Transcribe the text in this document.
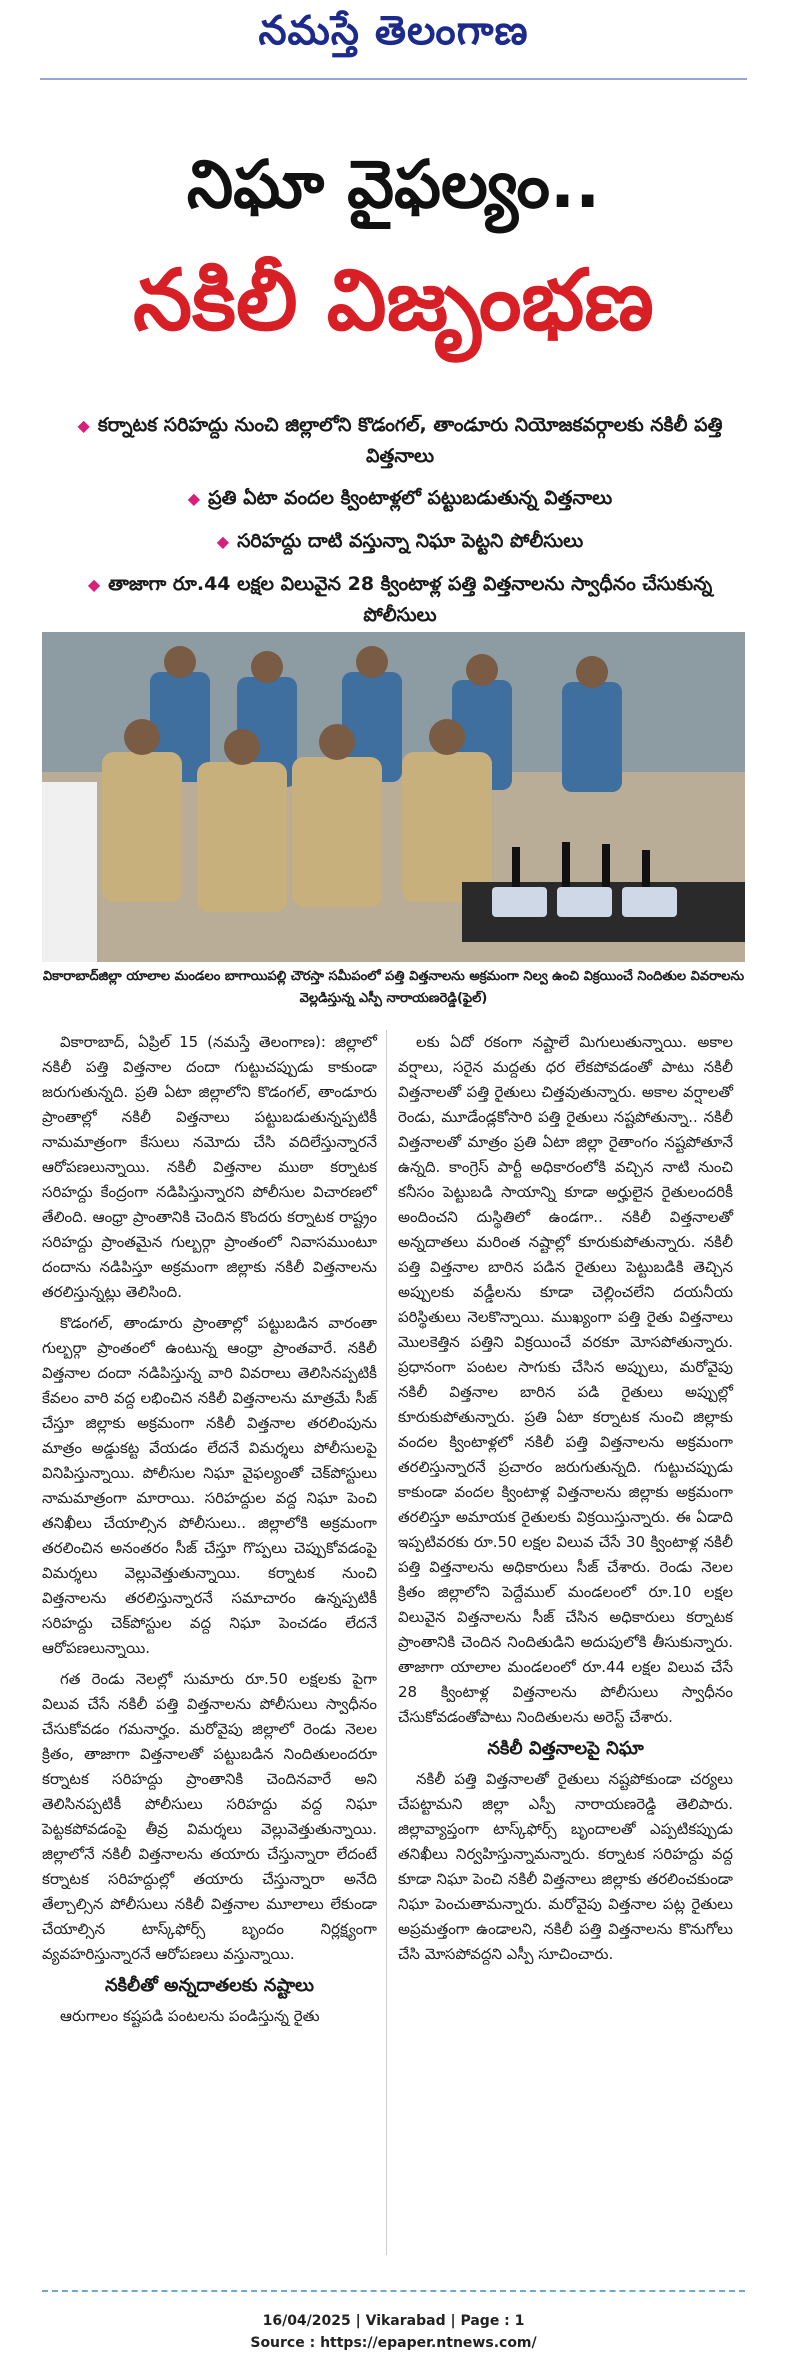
నమస్తే తెలంగాణ
నిఘా వైఫల్యం..
నకిలీ విజృంభణ
◆ కర్నాటక సరిహద్దు నుంచి జిల్లాలోని కొడంగల్, తాండూరు నియోజకవర్గాలకు నకిలీ పత్తి విత్తనాలు
◆ ప్రతి ఏటా వందల క్వింటాళ్లలో పట్టుబడుతున్న విత్తనాలు
◆ సరిహద్దు దాటి వస్తున్నా నిఘా పెట్టని పోలీసులు
◆ తాజాగా రూ.44 లక్షల విలువైన 28 క్వింటాళ్ల పత్తి విత్తనాలను స్వాధీనం చేసుకున్న పోలీసులు
వికారాబాద్‌జిల్లా యాలాల మండలం బాగాయిపల్లి చౌరస్తా సమీపంలో పత్తి విత్తనాలను అక్రమంగా నిల్వ ఉంచి విక్రయించే నిందితుల వివరాలను వెల్లడిస్తున్న ఎస్పీ నారాయణరెడ్డి(ఫైల్)

వికారాబాద్, ఏప్రిల్ 15 (నమస్తే తెలంగాణ): జిల్లాలో నకిలీ పత్తి విత్తనాల దందా గుట్టుచప్పుడు కాకుండా జరుగుతున్నది. ప్రతి ఏటా జిల్లాలోని కొడంగల్, తాండూరు ప్రాంతాల్లో నకిలీ విత్తనాలు పట్టుబడుతున్నప్పటికీ నామమాత్రంగా కేసులు నమోదు చేసి వదిలేస్తున్నారనే ఆరోపణలున్నాయి. నకిలీ విత్తనాల ముఠా కర్నాటక సరిహద్దు కేంద్రంగా నడిపిస్తున్నారని పోలీసుల విచారణలో తేలింది. ఆంధ్రా ప్రాంతానికి చెందిన కొందరు కర్నాటక రాష్ట్రం సరిహద్దు ప్రాంతమైన గుల్బర్గా ప్రాంతంలో నివాసముంటూ దందాను నడిపిస్తూ అక్రమంగా జిల్లాకు నకిలీ విత్తనాలను తరలిస్తున్నట్లు తెలిసింది.

కొడంగల్, తాండూరు ప్రాంతాల్లో పట్టుబడిన వారంతా గుల్బర్గా ప్రాంతంలో ఉంటున్న ఆంధ్రా ప్రాంతవారే. నకిలీ విత్తనాల దందా నడిపిస్తున్న వారి వివరాలు తెలిసినప్పటికీ కేవలం వారి వద్ద లభించిన నకిలీ విత్తనాలను మాత్రమే సీజ్ చేస్తూ జిల్లాకు అక్రమంగా నకిలీ విత్తనాల తరలింపును మాత్రం అడ్డుకట్ట వేయడం లేదనే విమర్శలు పోలీసులపై వినిపిస్తున్నాయి. పోలీసుల నిఘా వైఫల్యంతో చెక్‌పోస్టులు నామమాత్రంగా మారాయి. సరిహద్దుల వద్ద నిఘా పెంచి తనిఖీలు చేయాల్సిన పోలీసులు.. జిల్లాలోకి అక్రమంగా తరలించిన అనంతరం సీజ్ చేస్తూ గొప్పలు చెప్పుకోవడంపై విమర్శలు వెల్లువెత్తుతున్నాయి. కర్నాటక నుంచి విత్తనాలను తరలిస్తున్నారనే సమాచారం ఉన్నప్పటికీ సరిహద్దు చెక్‌పోస్టుల వద్ద నిఘా పెంచడం లేదనే ఆరోపణలున్నాయి.

గత రెండు నెలల్లో సుమారు రూ.50 లక్షలకు పైగా విలువ చేసే నకిలీ పత్తి విత్తనాలను పోలీసులు స్వాధీనం చేసుకోవడం గమనార్హం. మరోవైపు జిల్లాలో రెండు నెలల క్రితం, తాజాగా విత్తనాలతో పట్టుబడిన నిందితులందరూ కర్నాటక సరిహద్దు ప్రాంతానికి చెందినవారే అని తెలిసినప్పటికీ పోలీసులు సరిహద్దు వద్ద నిఘా పెట్టకపోవడంపై తీవ్ర విమర్శలు వెల్లువెత్తుతున్నాయి. జిల్లాలోనే నకిలీ విత్తనాలను తయారు చేస్తున్నారా లేదంటే కర్నాటక సరిహద్దుల్లో తయారు చేస్తున్నారా అనేది తేల్చాల్సిన పోలీసులు నకిలీ విత్తనాల మూలాలు లేకుండా చేయాల్సిన టాస్క్‌ఫోర్స్ బృందం నిర్లక్ష్యంగా వ్యవహరిస్తున్నారనే ఆరోపణలు వస్తున్నాయి.

నకిలీతో అన్నదాతలకు నష్టాలు

ఆరుగాలం కష్టపడి పంటలను పండిస్తున్న రైతు

లకు ఏదో రకంగా నష్టాలే మిగులుతున్నాయి. అకాల వర్షాలు, సరైన మద్దతు ధర లేకపోవడంతో పాటు నకిలీ విత్తనాలతో పత్తి రైతులు చిత్తవుతున్నారు. అకాల వర్షాలతో రెండు, మూడేండ్లకోసారి పత్తి రైతులు నష్టపోతున్నా.. నకిలీ విత్తనాలతో మాత్రం ప్రతి ఏటా జిల్లా రైతాంగం నష్టపోతూనే ఉన్నది. కాంగ్రెస్ పార్టీ అధికారంలోకి వచ్చిన నాటి నుంచి కనీసం పెట్టుబడి సాయాన్ని కూడా అర్హులైన రైతులందరికీ అందించని దుస్థితిలో ఉండగా.. నకిలీ విత్తనాలతో అన్నదాతలు మరింత నష్టాల్లో కూరుకుపోతున్నారు. నకిలీ పత్తి విత్తనాల బారిన పడిన రైతులు పెట్టుబడికి తెచ్చిన అప్పులకు వడ్డీలను కూడా చెల్లించలేని దయనీయ పరిస్థితులు నెలకొన్నాయి. ముఖ్యంగా పత్తి రైతు విత్తనాలు మొలకెత్తిన పత్తిని విక్రయించే వరకూ మోసపోతున్నారు. ప్రధానంగా పంటల సాగుకు చేసిన అప్పులు, మరోవైపు నకిలీ విత్తనాల బారిన పడి రైతులు అప్పుల్లో కూరుకుపోతున్నారు. ప్రతి ఏటా కర్నాటక నుంచి జిల్లాకు వందల క్వింటాళ్లలో నకిలీ పత్తి విత్తనాలను అక్రమంగా తరలిస్తున్నారనే ప్రచారం జరుగుతున్నది. గుట్టుచప్పుడు కాకుండా వందల క్వింటాళ్ల విత్తనాలను జిల్లాకు అక్రమంగా తరలిస్తూ అమాయక రైతులకు విక్రయిస్తున్నారు. ఈ ఏడాది ఇప్పటివరకు రూ.50 లక్షల విలువ చేసే 30 క్వింటాళ్ల నకిలీ పత్తి విత్తనాలను అధికారులు సీజ్ చేశారు. రెండు నెలల క్రితం జిల్లాలోని పెద్దేముల్ మండలంలో రూ.10 లక్షల విలువైన విత్తనాలను సీజ్ చేసిన అధికారులు కర్నాటక ప్రాంతానికి చెందిన నిందితుడిని అదుపులోకి తీసుకున్నారు. తాజాగా యాలాల మండలంలో రూ.44 లక్షల విలువ చేసే 28 క్వింటాళ్ల విత్తనాలను పోలీసులు స్వాధీనం చేసుకోవడంతోపాటు నిందితులను అరెస్ట్ చేశారు.

నకిలీ విత్తనాలపై నిఘా

నకిలీ పత్తి విత్తనాలతో రైతులు నష్టపోకుండా చర్యలు చేపట్టామని జిల్లా ఎస్పీ నారాయణరెడ్డి తెలిపారు. జిల్లావ్యాప్తంగా టాస్క్‌ఫోర్స్ బృందాలతో ఎప్పటికప్పుడు తనిఖీలు నిర్వహిస్తున్నామన్నారు. కర్నాటక సరిహద్దు వద్ద కూడా నిఘా పెంచి నకిలీ విత్తనాలు జిల్లాకు తరలించకుండా నిఘా పెంచుతామన్నారు. మరోవైపు విత్తనాల పట్ల రైతులు అప్రమత్తంగా ఉండాలని, నకిలీ పత్తి విత్తనాలను కొనుగోలు చేసి మోసపోవద్దని ఎస్పీ సూచించారు.

16/04/2025 | Vikarabad | Page : 1
Source : https://epaper.ntnews.com/
